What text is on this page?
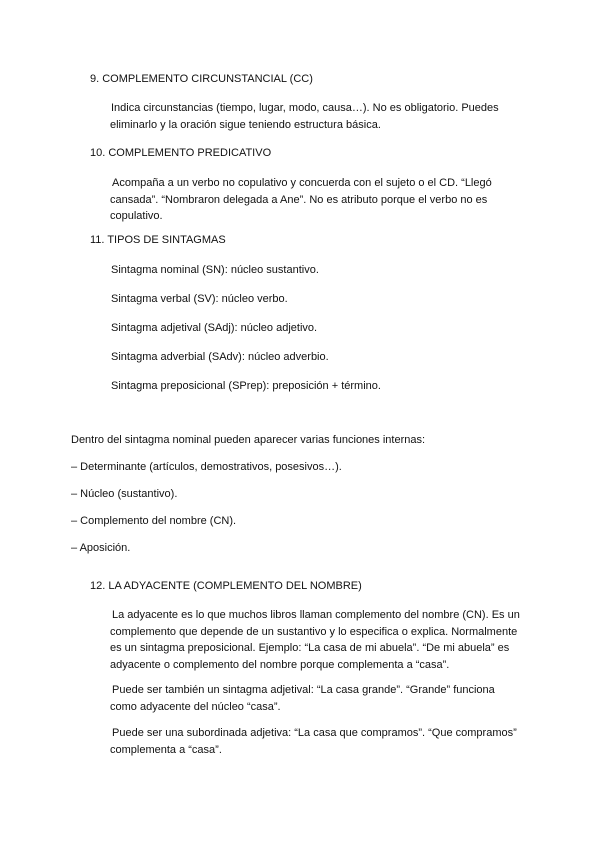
9. COMPLEMENTO CIRCUNSTANCIAL (CC)
Indica circunstancias (tiempo, lugar, modo, causa…). No es obligatorio. Puedes
eliminarlo y la oración sigue teniendo estructura básica.
10. COMPLEMENTO PREDICATIVO
Acompaña a un verbo no copulativo y concuerda con el sujeto o el CD. “Llegó
cansada”. “Nombraron delegada a Ane”. No es atributo porque el verbo no es
copulativo.
11. TIPOS DE SINTAGMAS
Sintagma nominal (SN): núcleo sustantivo.
Sintagma verbal (SV): núcleo verbo.
Sintagma adjetival (SAdj): núcleo adjetivo.
Sintagma adverbial (SAdv): núcleo adverbio.
Sintagma preposicional (SPrep): preposición + término.
Dentro del sintagma nominal pueden aparecer varias funciones internas:
– Determinante (artículos, demostrativos, posesivos…).
– Núcleo (sustantivo).
– Complemento del nombre (CN).
– Aposición.
12. LA ADYACENTE (COMPLEMENTO DEL NOMBRE)
La adyacente es lo que muchos libros llaman complemento del nombre (CN). Es un
complemento que depende de un sustantivo y lo especifica o explica. Normalmente
es un sintagma preposicional. Ejemplo: “La casa de mi abuela”. “De mi abuela” es
adyacente o complemento del nombre porque complementa a “casa”.
Puede ser también un sintagma adjetival: “La casa grande”. “Grande” funciona
como adyacente del núcleo “casa”.
Puede ser una subordinada adjetiva: “La casa que compramos”. “Que compramos”
complementa a “casa”.
